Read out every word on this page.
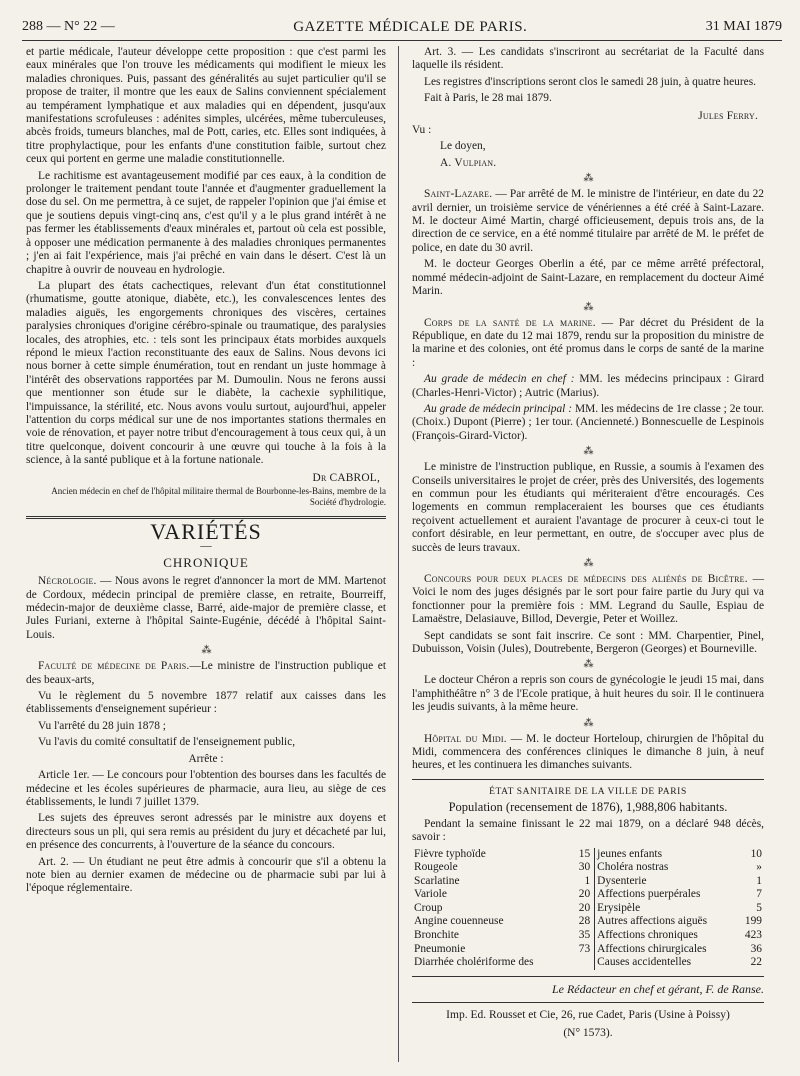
288 — N° 22 —	GAZETTE MÉDICALE DE PARIS.	31 MAI 1879

et partie médicale, l'auteur développe cette proposition : que c'est parmi les eaux minérales que l'on trouve les médicaments qui modifient le mieux les maladies chroniques. Puis, passant des généralités au sujet particulier qu'il se propose de traiter, il montre que les eaux de Salins conviennent spécialement au tempérament lymphatique et aux maladies qui en dépendent, jusqu'aux manifestations scrofuleuses : adénites simples, ulcérées, même tuberculeuses, abcès froids, tumeurs blanches, mal de Pott, caries, etc. Elles sont indiquées, à titre prophylactique, pour les enfants d'une constitution faible, surtout chez ceux qui portent en germe une maladie constitutionnelle.

Le rachitisme est avantageusement modifié par ces eaux, à la condition de prolonger le traitement pendant toute l'année et d'augmenter graduellement la dose du sel. On me permettra, à ce sujet, de rappeler l'opinion que j'ai émise et que je soutiens depuis vingt-cinq ans, c'est qu'il y a le plus grand intérêt à ne pas fermer les établissements d'eaux minérales et, partout où cela est possible, à opposer une médication permanente à des maladies chroniques permanentes ; j'en ai fait l'expérience, mais j'ai prêché en vain dans le désert. C'est là un chapitre à ouvrir de nouveau en hydrologie.

La plupart des états cachectiques, relevant d'un état constitutionnel (rhumatisme, goutte atonique, diabète, etc.), les convalescences lentes des maladies aiguës, les engorgements chroniques des viscères, certaines paralysies chroniques d'origine cérébro-spinale ou traumatique, des paralysies locales, des atrophies, etc. : tels sont les principaux états morbides auxquels répond le mieux l'action reconstituante des eaux de Salins. Nous devons ici nous borner à cette simple énumération, tout en rendant un juste hommage à l'intérêt des observations rapportées par M. Dumoulin. Nous ne ferons aussi que mentionner son étude sur le diabète, la cachexie syphilitique, l'impuissance, la stérilité, etc. Nous avons voulu surtout, aujourd'hui, appeler l'attention du corps médical sur une de nos importantes stations thermales en voie de rénovation, et payer notre tribut d'encouragement à tous ceux qui, à un titre quelconque, doivent concourir à une œuvre qui touche à la fois à la science, à la santé publique et à la fortune nationale.

Dr CABROL,
Ancien médecin en chef de l'hôpital militaire thermal de Bourbonne-les-Bains, membre de la Société d'hydrologie.
VARIÉTÉS
—
CHRONIQUE

Nécrologie. — Nous avons le regret d'annoncer la mort de MM. Martenot de Cordoux, médecin principal de première classe, en retraite, Bourreiff, médecin-major de deuxième classe, Barré, aide-major de première classe, et Jules Furiani, externe à l'hôpital Sainte-Eugénie, décédé à l'hôpital Saint-Louis.

⁂

Faculté de médecine de Paris.—Le ministre de l'instruction publique et des beaux-arts,

Vu le règlement du 5 novembre 1877 relatif aux caisses dans les établissements d'enseignement supérieur :

Vu l'arrêté du 28 juin 1878 ;

Vu l'avis du comité consultatif de l'enseignement public,

Arrête :

Article 1er. — Le concours pour l'obtention des bourses dans les facultés de médecine et les écoles supérieures de pharmacie, aura lieu, au siège de ces établissements, le lundi 7 juillet 1379.

Les sujets des épreuves seront adressés par le ministre aux doyens et directeurs sous un pli, qui sera remis au président du jury et décacheté par lui, en présence des concurrents, à l'ouverture de la séance du concours.

Art. 2. — Un étudiant ne peut être admis à concourir que s'il a obtenu la note bien au dernier examen de médecine ou de pharmacie subi par lui à l'époque réglementaire.

Art. 3. — Les candidats s'inscriront au secrétariat de la Faculté dans laquelle ils résident.

Les registres d'inscriptions seront clos le samedi 28 juin, à quatre heures.

Fait à Paris, le 28 mai 1879.

Jules Ferry.

Vu :

Le doyen,

A. Vulpian.

⁂

Saint-Lazare. — Par arrêté de M. le ministre de l'intérieur, en date du 22 avril dernier, un troisième service de vénériennes a été créé à Saint-Lazare. M. le docteur Aimé Martin, chargé officieusement, depuis trois ans, de la direction de ce service, en a été nommé titulaire par arrêté de M. le préfet de police, en date du 30 avril.

M. le docteur Georges Oberlin a été, par ce même arrêté préfectoral, nommé médecin-adjoint de Saint-Lazare, en remplacement du docteur Aimé Marin.

⁂

Corps de la santé de la marine. — Par décret du Président de la République, en date du 12 mai 1879, rendu sur la proposition du ministre de la marine et des colonies, ont été promus dans le corps de santé de la marine :

Au grade de médecin en chef : MM. les médecins principaux : Girard (Charles-Henri-Victor) ; Autric (Marius).

Au grade de médecin principal : MM. les médecins de 1re classe ; 2e tour. (Choix.) Dupont (Pierre) ; 1er tour. (Ancienneté.) Bonnescuelle de Lespinois (François-Girard-Victor).

⁂

Le ministre de l'instruction publique, en Russie, a soumis à l'examen des Conseils universitaires le projet de créer, près des Universités, des logements en commun pour les étudiants qui mériteraient d'être encouragés. Ces logements en commun remplaceraient les bourses que ces étudiants reçoivent actuellement et auraient l'avantage de procurer à ceux-ci tout le confort désirable, en leur permettant, en outre, de s'occuper avec plus de succès de leurs travaux.

⁂

Concours pour deux places de médecins des aliénés de Bicêtre. — Voici le nom des juges désignés par le sort pour faire partie du Jury qui va fonctionner pour la première fois : MM. Legrand du Saulle, Espiau de Lamaëstre, Delasiauve, Billod, Devergie, Peter et Woillez.

Sept candidats se sont fait inscrire. Ce sont : MM. Charpentier, Pinel, Dubuisson, Voisin (Jules), Doutrebente, Bergeron (Georges) et Bourneville.

⁂

Le docteur Chéron a repris son cours de gynécologie le jeudi 15 mai, dans l'amphithéâtre n° 3 de l'Ecole pratique, à huit heures du soir. Il le continuera les jeudis suivants, à la même heure.

⁂

Hôpital du Midi. — M. le docteur Horteloup, chirurgien de l'hôpital du Midi, commencera des conférences cliniques le dimanche 8 juin, à neuf heures, et les continuera les dimanches suivants.

ÉTAT SANITAIRE DE LA VILLE DE PARIS
Population (recensement de 1876), 1,988,806 habitants.

Pendant la semaine finissant le 22 mai 1879, on a déclaré 948 décès, savoir :

Fièvre typhoïde	15		jeunes enfants	10
Rougeole	30		Choléra nostras	»
Scarlatine	1		Dysenterie	1
Variole	20		Affections puerpérales	7
Croup	20		Erysipèle	5
Angine couenneuse	28		Autres affections aiguës	199
Bronchite	35		Affections chroniques	423
Pneumonie	73		Affections chirurgicales	36
Diarrhée cholériforme des			Causes accidentelles	22
Le Rédacteur en chef et gérant, F. de Ranse.
Imp. Ed. Rousset et Cie, 26, rue Cadet, Paris (Usine à Poissy)
(N° 1573).
